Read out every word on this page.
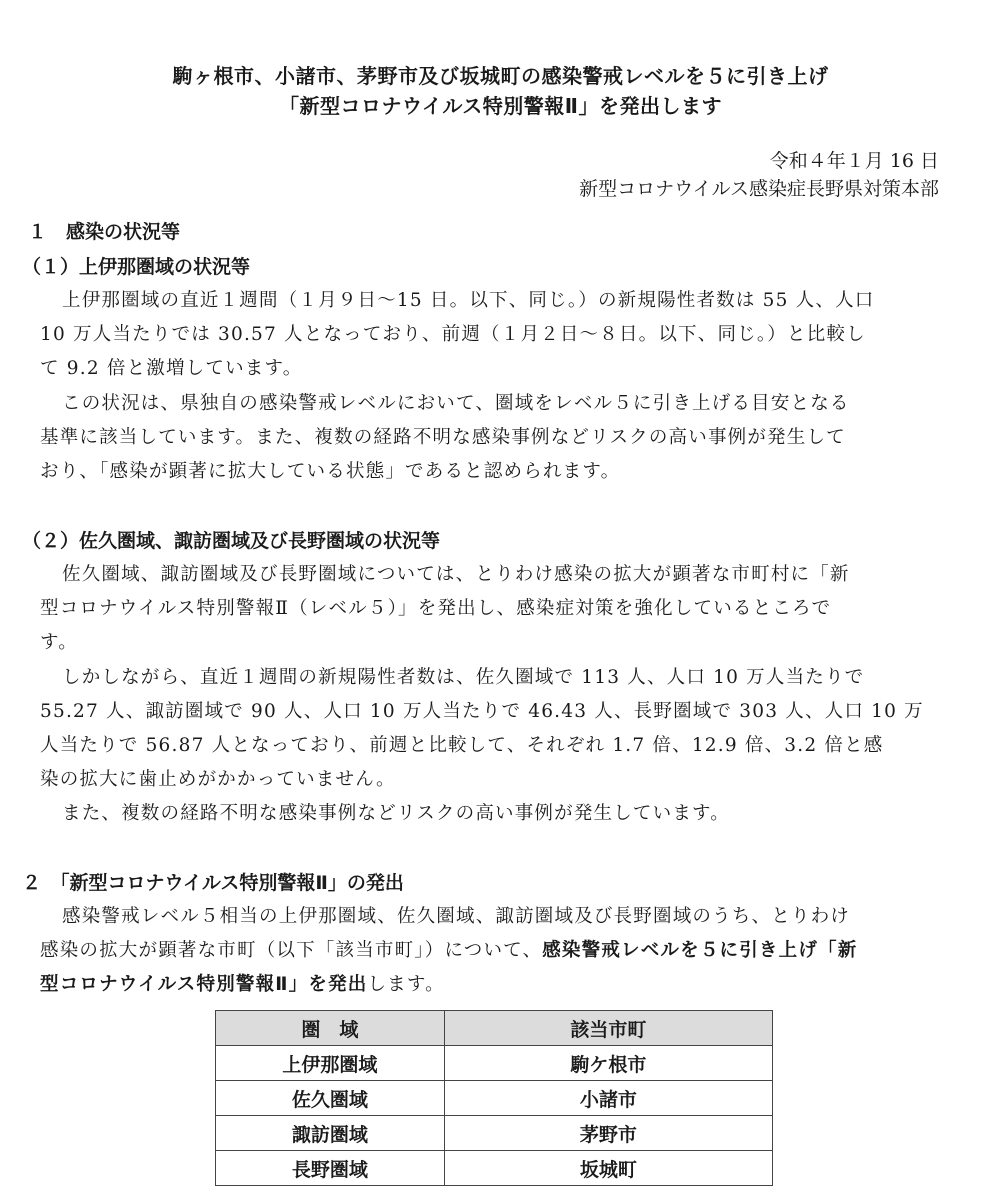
駒ヶ根市、小諸市、茅野市及び坂城町の感染警戒レベルを５に引き上げ
「新型コロナウイルス特別警報Ⅱ」を発出します
令和４年１月 16 日
新型コロナウイルス感染症長野県対策本部
１　感染の状況等
（１）上伊那圏域の状況等
上伊那圏域の直近１週間（１月９日～15 日。以下、同じ。）の新規陽性者数は 55 人、人口
10 万人当たりでは 30.57 人となっており、前週（１月２日～８日。以下、同じ。）と比較し
て 9.2 倍と激増しています。
この状況は、県独自の感染警戒レベルにおいて、圏域をレベル５に引き上げる目安となる
基準に該当しています。また、複数の経路不明な感染事例などリスクの高い事例が発生して
おり、「感染が顕著に拡大している状態」であると認められます。
（２）佐久圏域、諏訪圏域及び長野圏域の状況等
佐久圏域、諏訪圏域及び長野圏域については、とりわけ感染の拡大が顕著な市町村に「新
型コロナウイルス特別警報Ⅱ（レベル５）」を発出し、感染症対策を強化しているところで
す。
しかしながら、直近１週間の新規陽性者数は、佐久圏域で 113 人、人口 10 万人当たりで
55.27 人、諏訪圏域で 90 人、人口 10 万人当たりで 46.43 人、長野圏域で 303 人、人口 10 万
人当たりで 56.87 人となっており、前週と比較して、それぞれ 1.7 倍、12.9 倍、3.2 倍と感
染の拡大に歯止めがかかっていません。
また、複数の経路不明な感染事例などリスクの高い事例が発生しています。
２　「新型コロナウイルス特別警報Ⅱ」の発出
感染警戒レベル５相当の上伊那圏域、佐久圏域、諏訪圏域及び長野圏域のうち、とりわけ
感染の拡大が顕著な市町（以下「該当市町」）について、感染警戒レベルを５に引き上げ「新
型コロナウイルス特別警報Ⅱ」を発出します。
圏　域	該当市町
上伊那圏域	駒ケ根市
佐久圏域	小諸市
諏訪圏域	茅野市
長野圏域	坂城町
